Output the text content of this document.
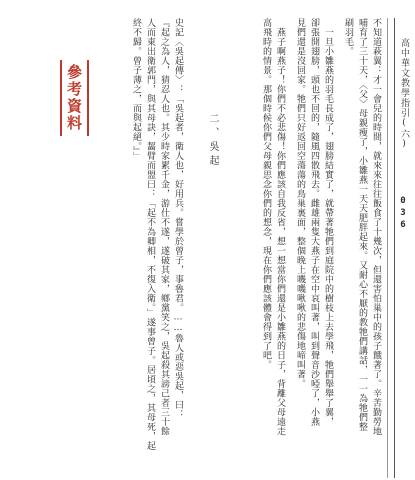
高中華文教學指引(六)
036
不知道萩翼：才一會兒的時間，就來來往往飯食了十幾次，但還害怕巢中的孩子餓著了。辛苦勤勞地
哺育了三十天，〈父〉母親瘦了，小雛燕一天天肥胖起來。又耐心不厭的教牠們講話，一一為牠們整
刷羽毛。
　一旦小雛燕的羽毛長成了，翅膀結實了，就帶著牠們到庭院中的樹枝上去學飛，牠們舉舉了翼，
卻張開翅膀，頭也不回的，隨風四散飛去。雌雄兩隻大燕子在空中哀叫著，叫到聲音沙啞了，小燕
見們還是沒回家。牠們只好返回空蕩蕩的鳥巢裏面，整個晚上嘰嘰啾啾的悲傷地啼叫著。
　燕子啊燕子！你們不必悲傷！你們應該自我反省，想一想當你們還是小雛燕的日子，背離父母遠走
高飛時的情景。那個時候你們父母親思念你們的想念，現在你們應該體會得到了吧。
二、吳起
史記〈吳起傳〉：「吳起者，衛人也，好用兵。嘗學於曾子，事魯君。……魯人或惡吳起，曰：
『起之為人，猜忍人也。其少時家累千金，游仕不遂，遂破其家，鄉黨笑之，吳起殺其謗己者三十餘
人而東出衛郭門，與其母訣，齧臂而盟曰：「起不為卿相，不復入衛。」遂事曾子。居頃之，其母死，起
終不歸。曾子薄之，而與起絕。』」
參考資料
